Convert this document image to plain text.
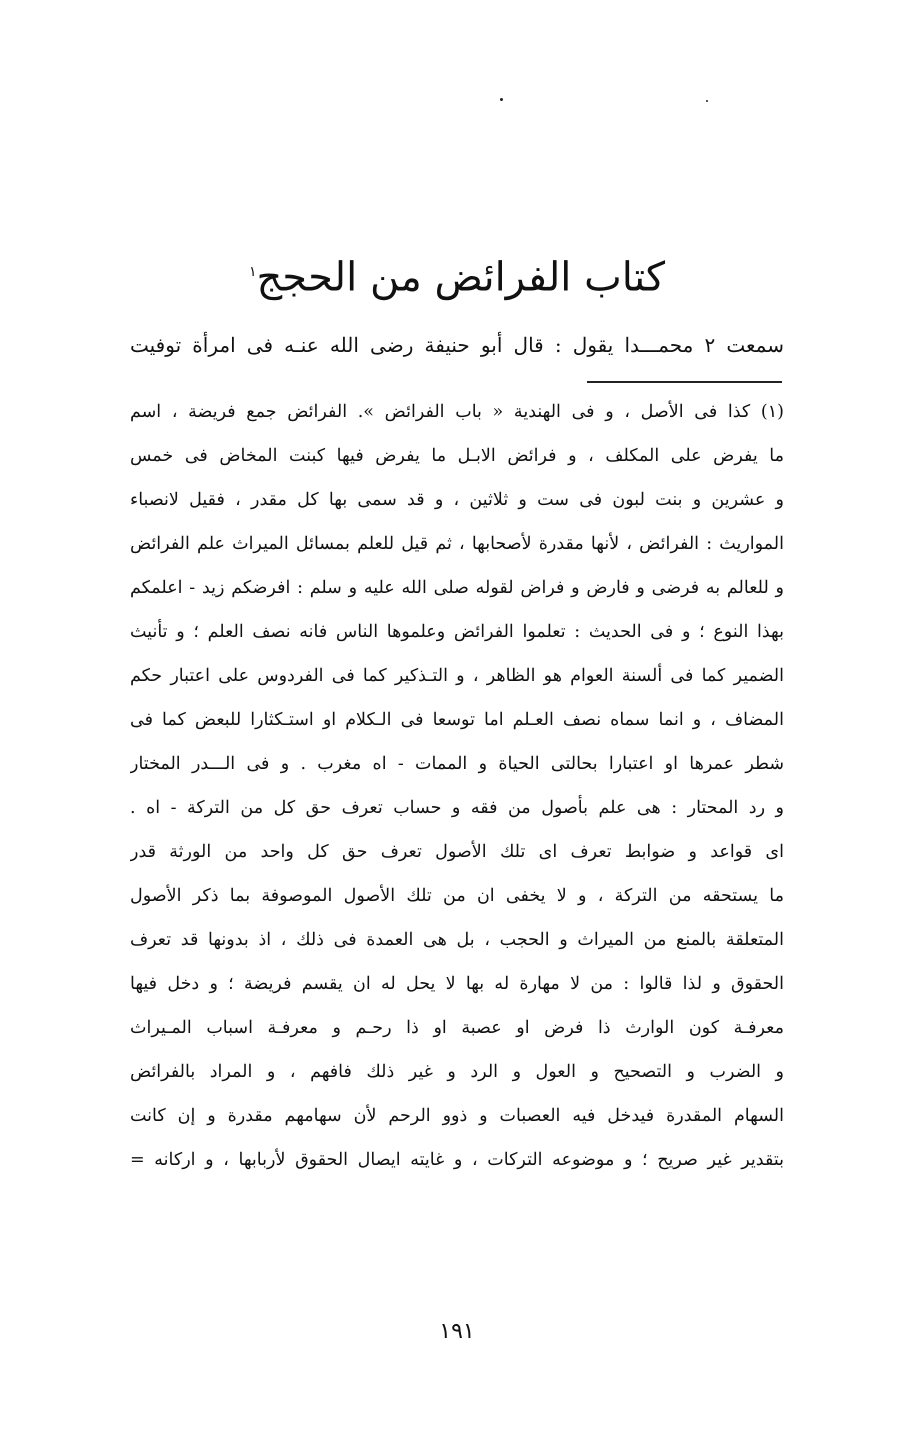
كتاب الفرائض من الحجج$^١$
سمعت ٢ محمـــدا يقول : قال أبو حنيفة رضى الله عنـه فى امرأة توفيت
(١) كذا فى الأصل ، و فى الهندية « باب الفرائض ». الفرائض جمع فريضة ، اسم
ما يفرض على المكلف ، و فرائض الابـل ما يفرض فيها كبنت المخاض فى خمس
و عشرين و بنت لبون فى ست و ثلاثين ، و قد سمى بها كل مقدر ، فقيل لانصباء
المواريث : الفرائض ، لأنها مقدرة لأصحابها ، ثم قيل للعلم بمسائل الميراث علم الفرائض
و للعالم به فرضى و فارض و فراض لقوله صلى الله عليه و سلم : افرضكم زيد - اعلمكم
بهذا النوع ؛ و فى الحديث : تعلموا الفرائض وعلموها الناس فانه نصف العلم ؛ و تأنيث
الضمير كما فى ألسنة العوام هو الظاهر ، و التـذكير كما فى الفردوس على اعتبار حكم
المضاف ، و انما سماه نصف العـلم اما توسعا فى الـكلام او استـكثارا للبعض كما فى
شطر عمرها او اعتبارا بحالتى الحياة و الممات - اه مغرب . و فى الـــدر المختار
و رد المحتار : هى علم بأصول من فقه و حساب تعرف حق كل من التركة - اه .
اى قواعد و ضوابط تعرف اى تلك الأصول تعرف حق كل واحد من الورثة قدر
ما يستحقه من التركة ، و لا يخفى ان من تلك الأصول الموصوفة بما ذكر الأصول
المتعلقة بالمنع من الميراث و الحجب ، بل هى العمدة فى ذلك ، اذ بدونها قد تعرف
الحقوق و لذا قالوا : من لا مهارة له بها لا يحل له ان يقسم فريضة ؛ و دخل فيها
معرفـة كون الوارث ذا فرض او عصبة او ذا رحـم و معرفـة اسباب المـيراث
و الضرب و التصحيح و العول و الرد و غير ذلك فافهم ، و المراد بالفرائض
السهام المقدرة فيدخل فيه العصبات و ذوو الرحم لأن سهامهم مقدرة و إن كانت
بتقدير غير صريح ؛ و موضوعه التركات ، و غايته ايصال الحقوق لأربابها ، و اركانه =
١٩١
